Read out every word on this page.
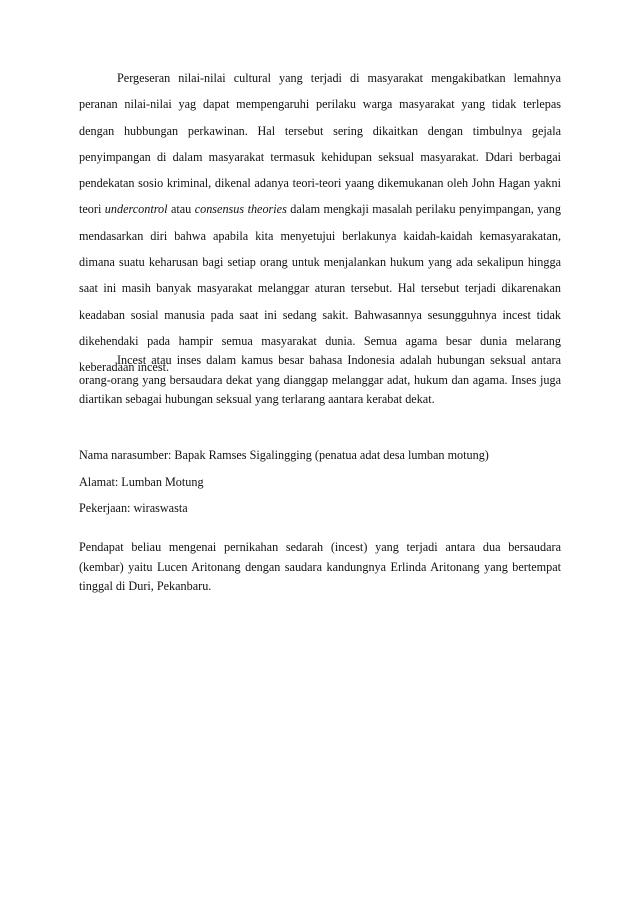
Pergeseran nilai-nilai cultural yang terjadi di masyarakat mengakibatkan lemahnya peranan nilai-nilai yag dapat mempengaruhi perilaku warga masyarakat yang tidak terlepas dengan hubbungan perkawinan. Hal tersebut sering dikaitkan dengan timbulnya gejala penyimpangan di dalam masyarakat termasuk kehidupan seksual masyarakat. Ddari berbagai pendekatan sosio kriminal, dikenal adanya teori-teori yaang dikemukanan oleh John Hagan yakni teori undercontrol atau consensus theories dalam mengkaji masalah perilaku penyimpangan, yang mendasarkan diri bahwa apabila kita menyetujui berlakunya kaidah-kaidah kemasyarakatan, dimana suatu keharusan bagi setiap orang untuk menjalankan hukum yang ada sekalipun hingga saat ini masih banyak masyarakat melanggar aturan tersebut. Hal tersebut terjadi dikarenakan keadaban sosial manusia pada saat ini sedang sakit. Bahwasannya sesungguhnya incest tidak dikehendaki pada hampir semua masyarakat dunia. Semua agama besar dunia melarang keberadaan incest.

Incest atau inses dalam kamus besar bahasa Indonesia adalah hubungan seksual antara orang-orang yang bersaudara dekat yang dianggap melanggar adat, hukum dan agama. Inses juga diartikan sebagai hubungan seksual yang terlarang aantara kerabat dekat.

Nama narasumber: Bapak Ramses Sigalingging (penatua adat desa lumban motung)

Alamat: Lumban Motung

Pekerjaan: wiraswasta

Pendapat beliau mengenai pernikahan sedarah (incest) yang terjadi antara dua bersaudara (kembar) yaitu Lucen Aritonang dengan saudara kandungnya Erlinda Aritonang yang bertempat tinggal di Duri, Pekanbaru.
